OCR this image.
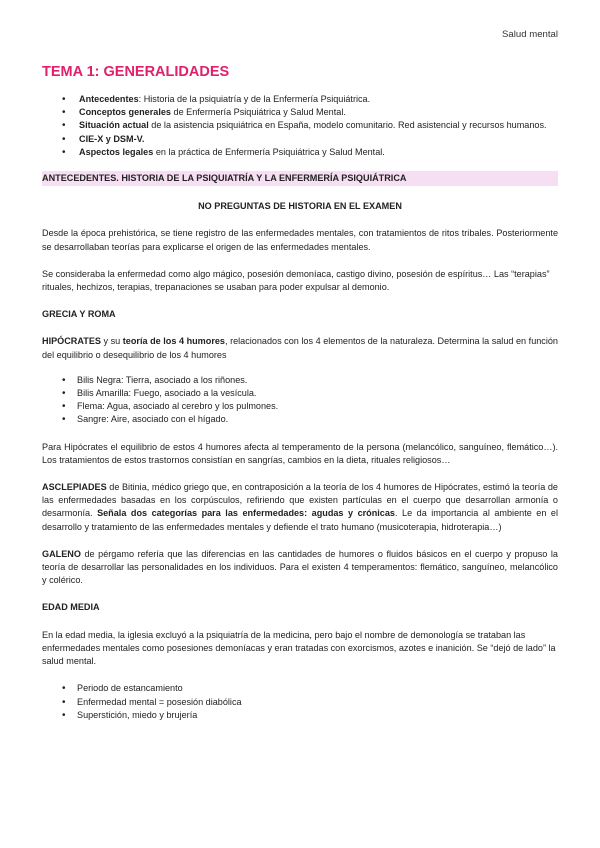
Salud mental
TEMA 1: GENERALIDADES
• Antecedentes: Historia de la psiquiatría y de la Enfermería Psiquiátrica.
• Conceptos generales de Enfermería Psiquiátrica y Salud Mental.
• Situación actual de la asistencia psiquiátrica en España, modelo comunitario. Red asistencial y recursos humanos.
• CIE-X y DSM-V.
• Aspectos legales en la práctica de Enfermería Psiquiátrica y Salud Mental.
ANTECEDENTES. HISTORIA DE LA PSIQUIATRÍA Y LA ENFERMERÍA PSIQUIÁTRICA
NO PREGUNTAS DE HISTORIA EN EL EXAMEN

Desde la época prehistórica, se tiene registro de las enfermedades mentales, con tratamientos de ritos tribales. Posteriormente se desarrollaban teorías para explicarse el origen de las enfermedades mentales.

Se consideraba la enfermedad como algo mágico, posesión demoníaca, castigo divino, posesión de espíritus… Las “terapias” rituales, hechizos, terapias, trepanaciones se usaban para poder expulsar al demonio.

GRECIA Y ROMA

HIPÓCRATES y su teoría de los 4 humores, relacionados con los 4 elementos de la naturaleza. Determina la salud en función del equilibrio o desequilibrio de los 4 humores

• Bilis Negra: Tierra, asociado a los riñones.
• Bilis Amarilla: Fuego, asociado a la vesícula.
• Flema: Agua, asociado al cerebro y los pulmones.
• Sangre: Aire, asociado con el hígado.

Para Hipócrates el equilibrio de estos 4 humores afecta al temperamento de la persona (melancólico, sanguíneo, flemático…). Los tratamientos de estos trastornos consistían en sangrías, cambios en la dieta, rituales religiosos…

ASCLEPIADES de Bitinia, médico griego que, en contraposición a la teoría de los 4 humores de Hipócrates, estimó la teoría de las enfermedades basadas en los corpúsculos, refiriendo que existen partículas en el cuerpo que desarrollan armonía o desarmonía. Señala dos categorías para las enfermedades: agudas y crónicas. Le da importancia al ambiente en el desarrollo y tratamiento de las enfermedades mentales y defiende el trato humano (musicoterapia, hidroterapia…)

GALENO de pérgamo refería que las diferencias en las cantidades de humores o fluidos básicos en el cuerpo y propuso la teoría de desarrollar las personalidades en los individuos. Para el existen 4 temperamentos: flemático, sanguíneo, melancólico y colérico.

EDAD MEDIA

En la edad media, la iglesia excluyó a la psiquiatría de la medicina, pero bajo el nombre de demonología se trataban las enfermedades mentales como posesiones demoníacas y eran tratadas con exorcismos, azotes e inanición. Se “dejó de lado” la salud mental.

• Periodo de estancamiento
• Enfermedad mental = posesión diabólica
• Superstición, miedo y brujería
